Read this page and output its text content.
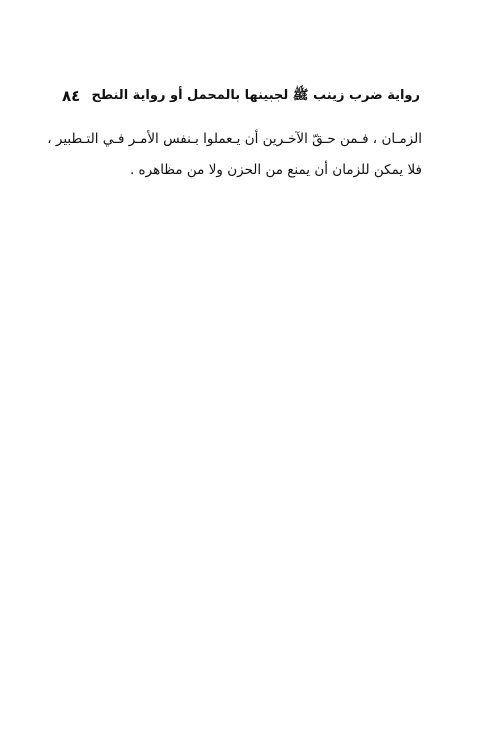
رواية ضرب زينب ﷺ لجبينها بالمحمل أو رواية النطح
٨٤
الزمـان ، فـمن حـقّ الآخـرين أن يـعملوا بـنفس الأمـر فـي التـطبير ،
فلا يمكن للزمان أن يمنع من الحزن ولا من مظاهره .
